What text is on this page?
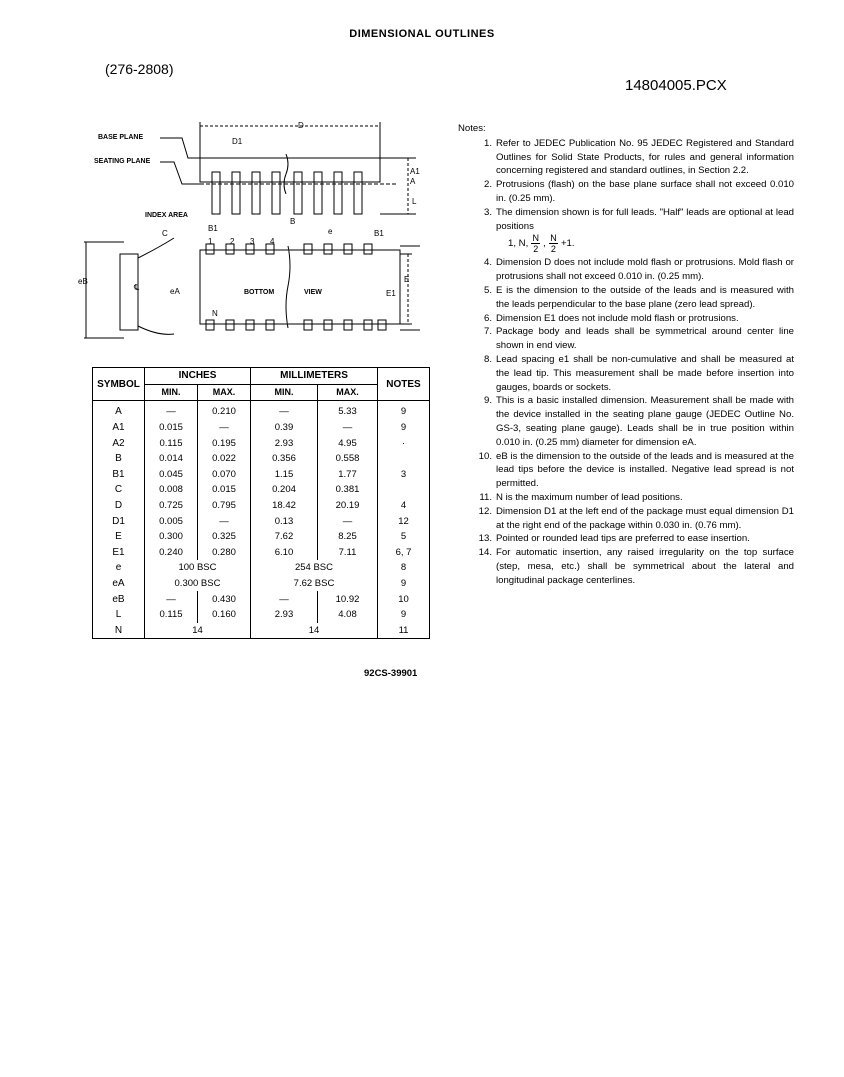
DIMENSIONAL OUTLINES
(276-2808)
14804005.PCX
BASE PLANE
SEATING PLANE
INDEX AREA
BOTTOM	VIEW
D
D1
A1
A
L
B1
B
e	B1
C
eB
℄	eA
E
E1
N
1 2 3 4
SYMBOL	INCHES		MILLIMETERS		NOTES
	MIN.	MAX.	MIN.	MAX.	
A	—	0.210	—	5.33	9
A1	0.015	—	0.39	—	9
A2	0.115	0.195	2.93	4.95	·
B	0.014	0.022	0.356	0.558	
B1	0.045	0.070	1.15	1.77	3
C	0.008	0.015	0.204	0.381	
D	0.725	0.795	18.42	20.19	4
D1	0.005	—	0.13	—	12
E	0.300	0.325	7.62	8.25	5
E1	0.240	0.280	6.10	7.11	6, 7
e	100 BSC		254 BSC		8
eA	0.300 BSC		7.62 BSC		9
eB	—	0.430	—	10.92	10
L	0.115	0.160	2.93	4.08	9
N	14		14		11
92CS-39901
Notes:
1. Refer to JEDEC Publication No. 95 JEDEC Registered and Standard Outlines for Solid State Products, for rules and general information concerning registered and standard outlines, in Section 2.2.
2. Protrusions (flash) on the base plane surface shall not exceed 0.010 in. (0.25 mm).
3. The dimension shown is for full leads. "Half" leads are optional at lead positions
1, N, $\frac{N}{2}$ , $\frac{N}{2} +1$.
4. Dimension D does not include mold flash or protrusions. Mold flash or protrusions shall not exceed 0.010 in. (0.25 mm).
5. E is the dimension to the outside of the leads and is measured with the leads perpendicular to the base plane (zero lead spread).
6. Dimension E1 does not include mold flash or protrusions.
7. Package body and leads shall be symmetrical around center line shown in end view.
8. Lead spacing e1 shall be non-cumulative and shall be measured at the lead tip. This measurement shall be made before insertion into gauges, boards or sockets.
9. This is a basic installed dimension. Measurement shall be made with the device installed in the seating plane gauge (JEDEC Outline No. GS-3, seating plane gauge). Leads shall be in true position within 0.010 in. (0.25 mm) diameter for dimension eA.
10. eB is the dimension to the outside of the leads and is measured at the lead tips before the device is installed. Negative lead spread is not permitted.
11. N is the maximum number of lead positions.
12. Dimension D1 at the left end of the package must equal dimension D1 at the right end of the package within 0.030 in. (0.76 mm).
13. Pointed or rounded lead tips are preferred to ease insertion.
14. For automatic insertion, any raised irregularity on the top surface (step, mesa, etc.) shall be symmetrical about the lateral and longitudinal package centerlines.
